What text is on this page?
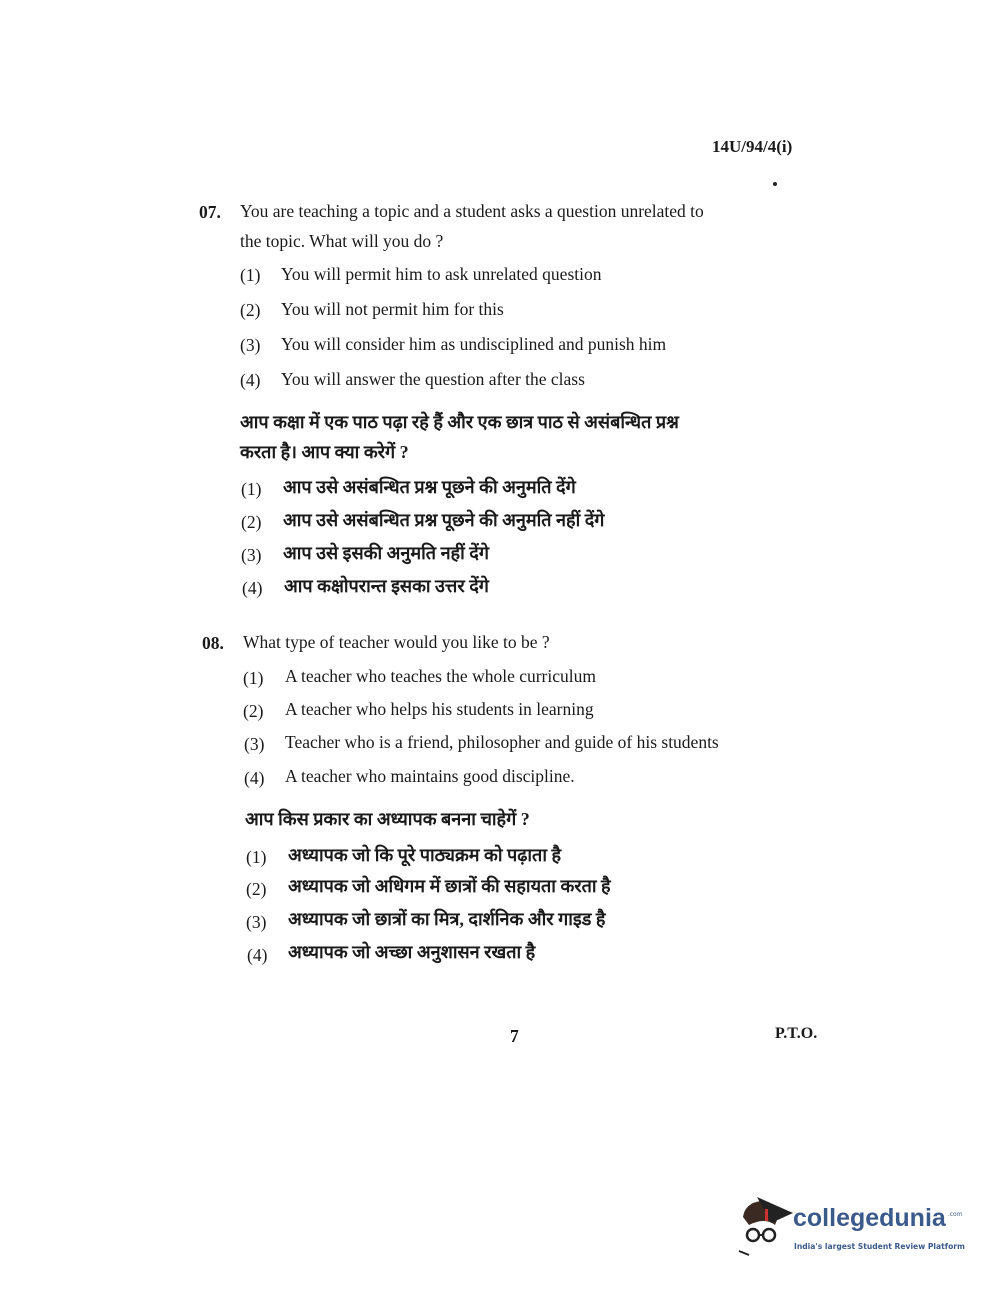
14U/94/4(i)
07. You are teaching a topic and a student asks a question unrelated to
the topic. What will you do ?
(1) You will permit him to ask unrelated question
(2) You will not permit him for this
(3) You will consider him as undisciplined and punish him
(4) You will answer the question after the class
आप कक्षा में एक पाठ पढ़ा रहे हैं और एक छात्र पाठ से असंबन्धित प्रश्न
करता है। आप क्या करेगें ?
(1) आप उसे असंबन्धित प्रश्न पूछने की अनुमति देंगे
(2) आप उसे असंबन्धित प्रश्न पूछने की अनुमति नहीं देंगे
(3) आप उसे इसकी अनुमति नहीं देंगे
(4) आप कक्षोपरान्त इसका उत्तर देंगे
08. What type of teacher would you like to be ?
(1) A teacher who teaches the whole curriculum
(2) A teacher who helps his students in learning
(3) Teacher who is a friend, philosopher and guide of his students
(4) A teacher who maintains good discipline.
आप किस प्रकार का अध्यापक बनना चाहेगें ?
(1) अध्यापक जो कि पूरे पाठ्यक्रम को पढ़ाता है
(2) अध्यापक जो अधिगम में छात्रों की सहायता करता है
(3) अध्यापक जो छात्रों का मित्र, दार्शनिक और गाइड है
(4) अध्यापक जो अच्छा अनुशासन रखता है
7	P.T.O.
collegedunia .com
India's largest Student Review Platform
